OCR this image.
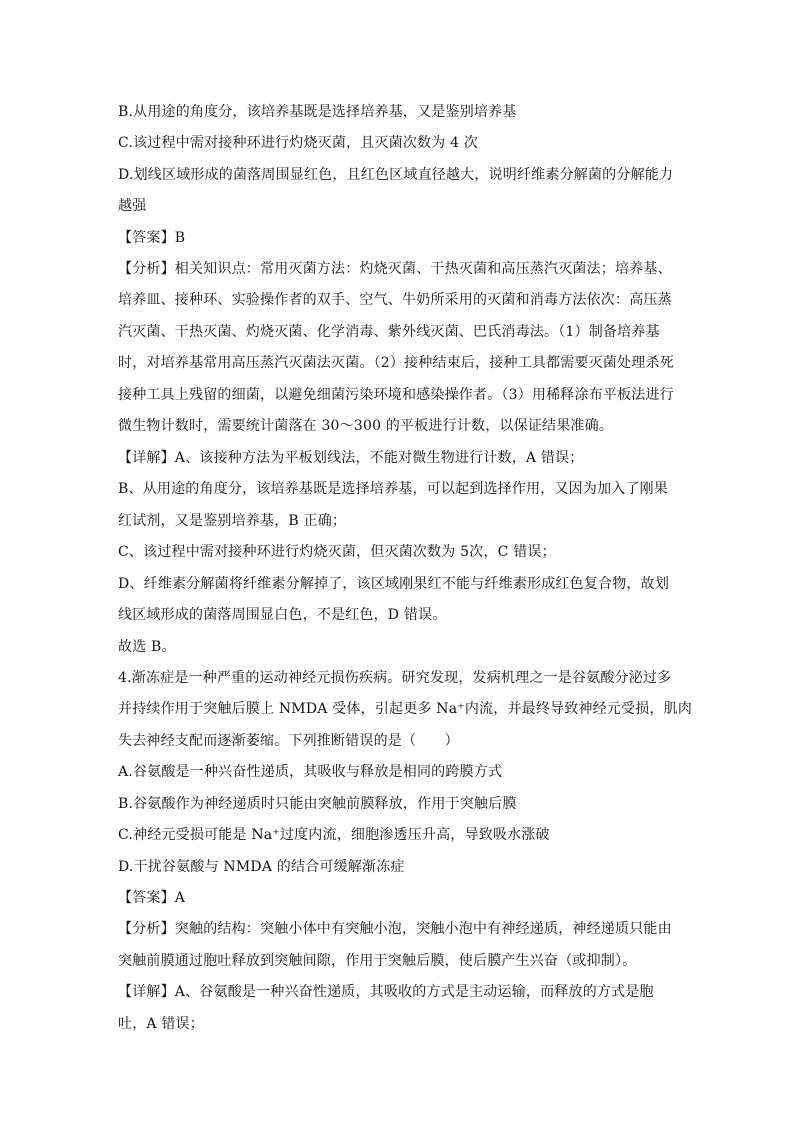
B.从用途的角度分，该培养基既是选择培养基，又是鉴别培养基
C.该过程中需对接种环进行灼烧灭菌，且灭菌次数为 4 次
D.划线区域形成的菌落周围显红色，且红色区域直径越大，说明纤维素分解菌的分解能力
越强
【答案】B
【分析】相关知识点：常用灭菌方法：灼烧灭菌、干热灭菌和高压蒸汽灭菌法；培养基、
培养皿、接种环、实验操作者的双手、空气、牛奶所采用的灭菌和消毒方法依次：高压蒸
汽灭菌、干热灭菌、灼烧灭菌、化学消毒、紫外线灭菌、巴氏消毒法。（1）制备培养基
时，对培养基常用高压蒸汽灭菌法灭菌。（2）接种结束后，接种工具都需要灭菌处理杀死
接种工具上残留的细菌，以避免细菌污染环境和感染操作者。（3）用稀释涂布平板法进行
微生物计数时，需要统计菌落在 30～300 的平板进行计数，以保证结果准确。
【详解】A、该接种方法为平板划线法，不能对微生物进行计数，A 错误；
B、从用途的角度分，该培养基既是选择培养基，可以起到选择作用，又因为加入了刚果
红试剂，又是鉴别培养基，B 正确；
C、该过程中需对接种环进行灼烧灭菌，但灭菌次数为 5次，C 错误；
D、纤维素分解菌将纤维素分解掉了，该区域刚果红不能与纤维素形成红色复合物，故划
线区域形成的菌落周围显白色，不是红色，D 错误。
故选 B。
4.渐冻症是一种严重的运动神经元损伤疾病。研究发现，发病机理之一是谷氨酸分泌过多
并持续作用于突触后膜上 NMDA 受体，引起更多 Na⁺内流，并最终导致神经元受损，肌肉
失去神经支配而逐渐萎缩。下列推断错误的是（　　）
A.谷氨酸是一种兴奋性递质，其吸收与释放是相同的跨膜方式
B.谷氨酸作为神经递质时只能由突触前膜释放，作用于突触后膜
C.神经元受损可能是 Na⁺过度内流，细胞渗透压升高，导致吸水涨破
D.干扰谷氨酸与 NMDA 的结合可缓解渐冻症
【答案】A
【分析】突触的结构：突触小体中有突触小泡，突触小泡中有神经递质，神经递质只能由
突触前膜通过胞吐释放到突触间隙，作用于突触后膜，使后膜产生兴奋（或抑制）。
【详解】A、谷氨酸是一种兴奋性递质，其吸收的方式是主动运输，而释放的方式是胞
吐，A 错误；
